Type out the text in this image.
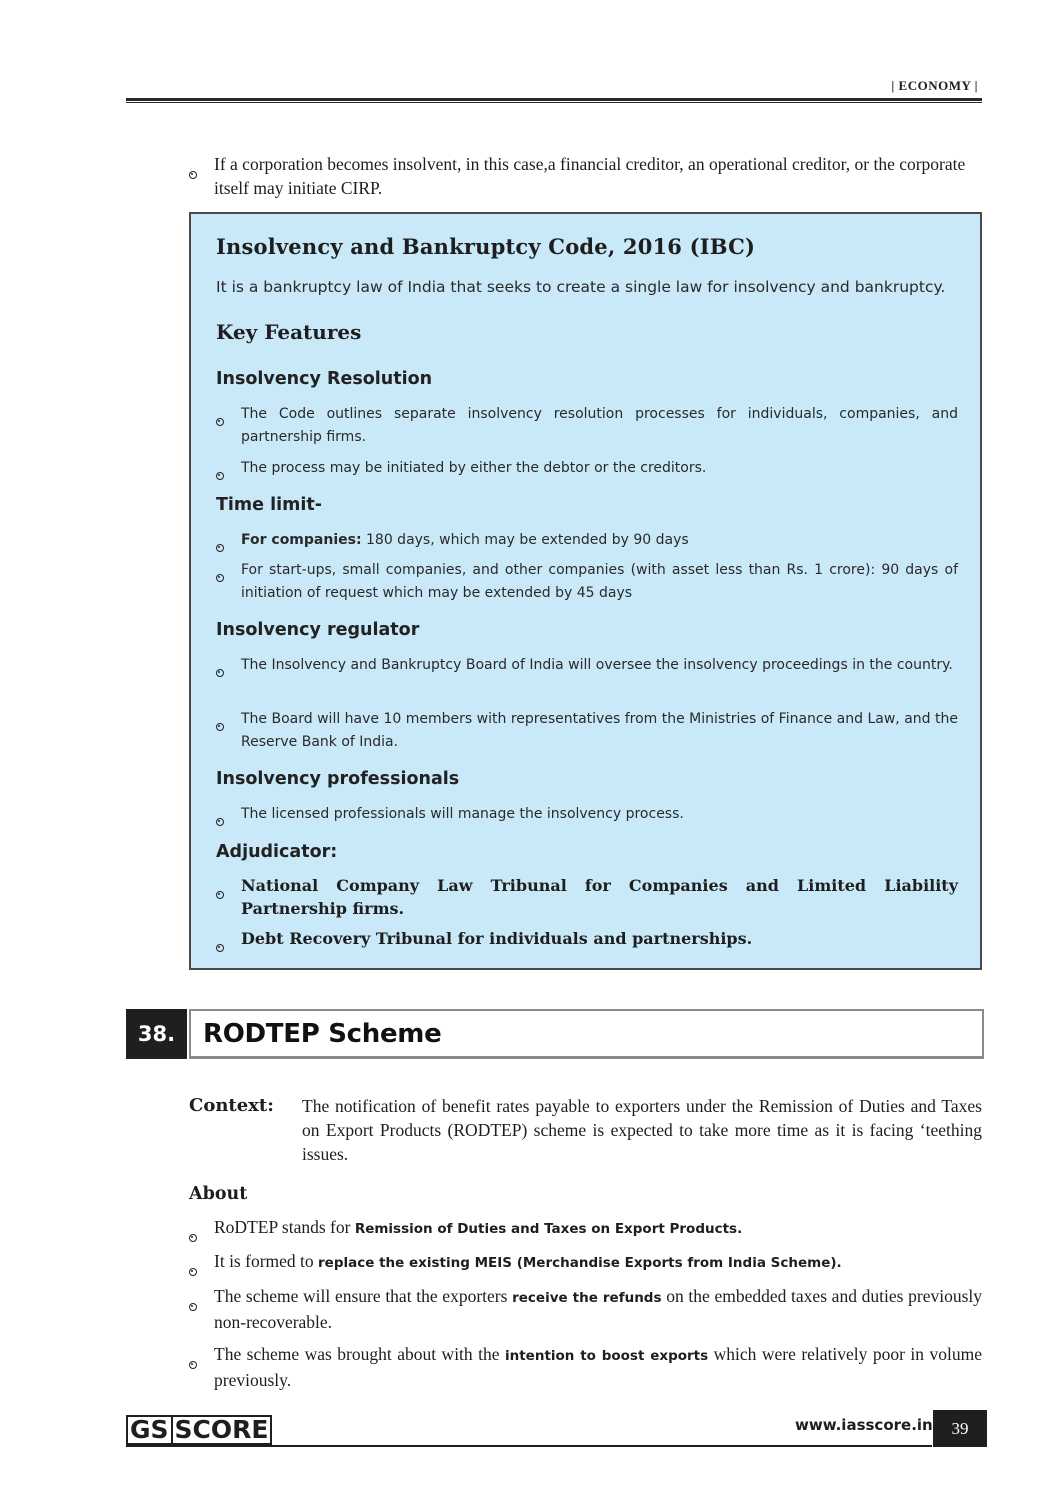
| ECONOMY |
If a corporation becomes insolvent, in this case,a financial creditor, an operational creditor, or the corporate itself may initiate CIRP.
Insolvency and Bankruptcy Code, 2016 (IBC)
It is a bankruptcy law of India that seeks to create a single law for insolvency and bankruptcy.
Key Features
Insolvency Resolution
The Code outlines separate insolvency resolution processes for individuals, companies, and partnership firms.
The process may be initiated by either the debtor or the creditors.
Time limit-
For companies: 180 days, which may be extended by 90 days
For start-ups, small companies, and other companies (with asset less than Rs. 1 crore): 90 days of initiation of request which may be extended by 45 days
Insolvency regulator
The Insolvency and Bankruptcy Board of India will oversee the insolvency proceedings in the country.
The Board will have 10 members with representatives from the Ministries of Finance and Law, and the Reserve Bank of India.
Insolvency professionals
The licensed professionals will manage the insolvency process.
Adjudicator:
National Company Law Tribunal for Companies and Limited Liability Partnership firms.
Debt Recovery Tribunal for individuals and partnerships.
38.	RODTEP Scheme
Context: The notification of benefit rates payable to exporters under the Remission of Duties and Taxes on Export Products (RODTEP) scheme is expected to take more time as it is facing ‘teething issues.
About
RoDTEP stands for Remission of Duties and Taxes on Export Products.
It is formed to replace the existing MEIS (Merchandise Exports from India Scheme).
The scheme will ensure that the exporters receive the refunds on the embedded taxes and duties previously non-recoverable.
The scheme was brought about with the intention to boost exports which were relatively poor in volume previously.
GS SCORE	www.iasscore.in	39
